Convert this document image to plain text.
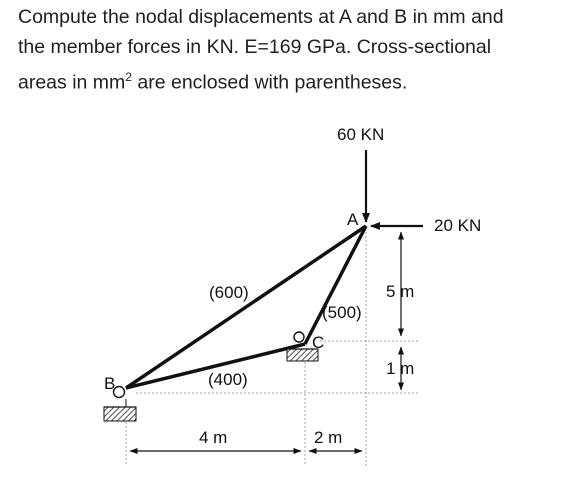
Compute the nodal displacements at A and B in mm and

the member forces in KN. E=169 GPa. Cross-sectional

areas in $mm^2$ are enclosed with parentheses.

60 KN
20 KN
A
B
C
(600)
(500)
(400)
5 m
1 m
4 m	2 m
